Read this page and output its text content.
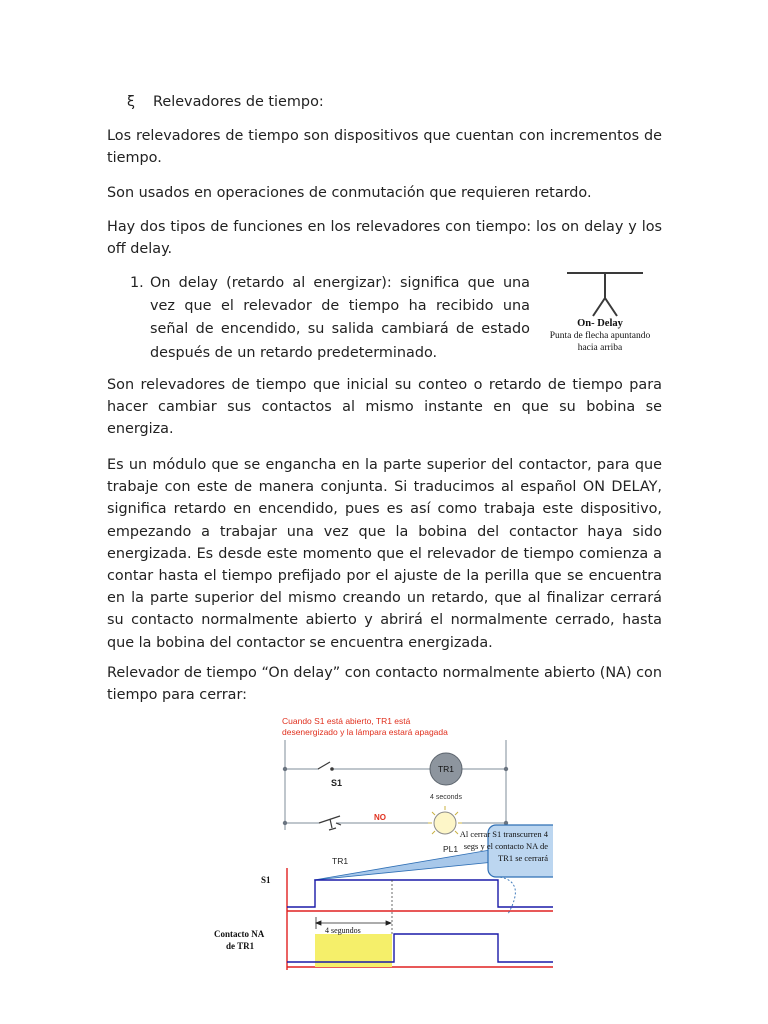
ξ Relevadores de tiempo:

Los relevadores de tiempo son dispositivos que cuentan con incrementos de tiempo.

Son usados en operaciones de conmutación que requieren retardo.

Hay dos tipos de funciones en los relevadores con tiempo: los on delay y los off delay.

1. On delay (retardo al energizar): significa que una vez que el relevador de tiempo ha recibido una señal de encendido, su salida cambiará de estado después de un retardo predeterminado.
On- Delay
Punta de flecha apuntando
hacia arriba

Son relevadores de tiempo que inicial su conteo o retardo de tiempo para hacer cambiar sus contactos al mismo instante en que su bobina se energiza.

Es un módulo que se engancha en la parte superior del contactor, para que trabaje con este de manera conjunta. Si traducimos al español ON DELAY, significa retardo en encendido, pues es así como trabaja este dispositivo, empezando a trabajar una vez que la bobina del contactor haya sido energizada. Es desde este momento que el relevador de tiempo comienza a contar hasta el tiempo prefijado por el ajuste de la perilla que se encuentra en la parte superior del mismo creando un retardo, que al finalizar cerrará su contacto normalmente abierto y abrirá el normalmente cerrado, hasta que la bobina del contactor se encuentra energizada.

Relevador de tiempo “On delay” con contacto normalmente abierto (NA) con tiempo para cerrar:

Cuando S1 está abierto, TR1 está
desenergizado y la lámpara estará apagada
S1
TR1
4 seconds
NO
TR1
PL1
Al cerrar S1 transcurren 4
segs y el contacto NA de
TR1 se cerrará
S1
Contacto NA
de TR1
4 segundos
